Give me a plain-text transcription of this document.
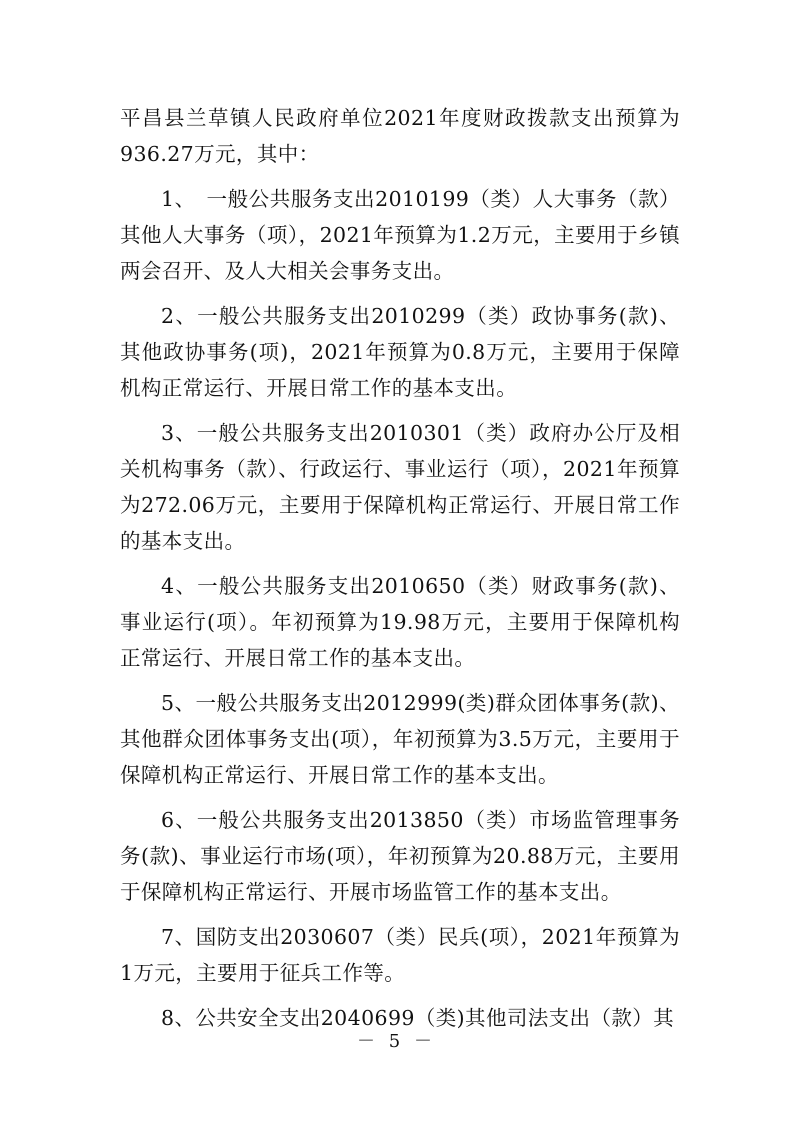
平昌县兰草镇人民政府单位2021年度财政拨款支出预算为936.27万元，其中：

1、　一般公共服务支出2010199（类）人大事务（款）其他人大事务（项），2021年预算为1.2万元，主要用于乡镇两会召开、及人大相关会事务支出。

2、一般公共服务支出2010299（类）政协事务(款)、其他政协事务(项)，2021年预算为0.8万元，主要用于保障机构正常运行、开展日常工作的基本支出。

3、一般公共服务支出2010301（类）政府办公厅及相关机构事务（款）、行政运行、事业运行（项），2021年预算为272.06万元，主要用于保障机构正常运行、开展日常工作的基本支出。

4、一般公共服务支出2010650（类）财政事务(款)、事业运行(项）。年初预算为19.98万元，主要用于保障机构正常运行、开展日常工作的基本支出。

5、一般公共服务支出2012999(类)群众团体事务(款)、其他群众团体事务支出(项），年初预算为3.5万元，主要用于保障机构正常运行、开展日常工作的基本支出。

6、一般公共服务支出2013850（类）市场监管理事务务(款)、事业运行市场(项），年初预算为20.88万元，主要用于保障机构正常运行、开展市场监管工作的基本支出。

7、国防支出2030607（类）民兵(项），2021年预算为1万元，主要用于征兵工作等。

8、公共安全支出2040699（类)其他司法支出（款）其

－ 5 －
